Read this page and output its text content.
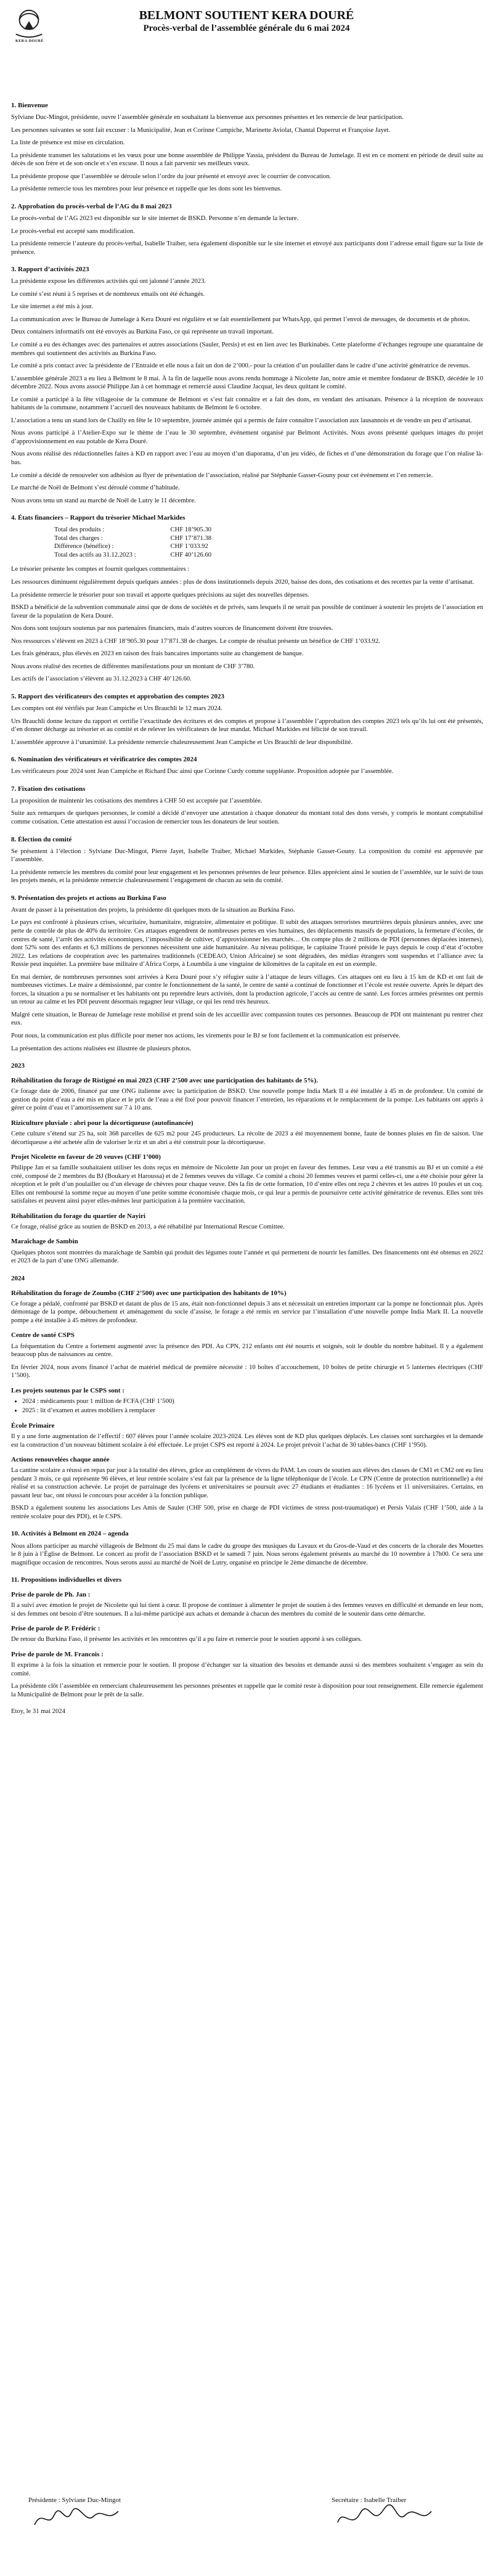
KERA-DOURÉ
BELMONT SOUTIENT KERA DOURÉ
Procès-verbal de l’assemblée générale du 6 mai 2024
1. Bienvenue

Sylviane Duc-Mingot, présidente, ouvre l’assemblée générale en souhaitant la bienvenue aux personnes présentes et les remercie de leur participation.

Les personnes suivantes se sont fait excuser : la Municipalité, Jean et Corinne Campiche, Marinette Aviolat, Chantal Duperrut et Françoise Jayet.

La liste de présence est mise en circulation.

La présidente transmet les salutations et les vœux pour une bonne assemblée de Philippe Yassia, président du Bureau de Jumelage. Il est en ce moment en période de deuil suite au décès de son frère et de son oncle et s’en excuse. Il nous a fait parvenir ses meilleurs vœux.

La présidente propose que l’assemblée se déroule selon l’ordre du jour présenté et envoyé avec le courrier de convocation.

La présidente remercie tous les membres pour leur présence et rappelle que les dons sont les bienvenus.

2. Approbation du procès-verbal de l’AG du 8 mai 2023

Le procès-verbal de l’AG 2023 est disponible sur le site internet de BSKD. Personne n’en demande la lecture.

Le procès-verbal est accepté sans modification.

La présidente remercie l’auteure du procès-verbal, Isabelle Traiber, sera également disponible sur le site internet et envoyé aux participants dont l’adresse email figure sur la liste de présence.

3. Rapport d’activités 2023

La présidente expose les différentes activités qui ont jalonné l’année 2023.

Le comité s’est réuni à 5 reprises et de nombreux emails ont été échangés.

Le site internet a été mis à jour.

La communication avec le Bureau de Jumelage à Kera Douré est régulière et se fait essentiellement par WhatsApp, qui permet l’envoi de messages, de documents et de photos.

Deux containers informatifs ont été envoyés au Burkina Faso, ce qui représente un travail important.

Le comité a eu des échanges avec des partenaires et autres associations (Sauler, Persis) et est en lien avec les Burkinabés. Cette plateforme d’échanges regroupe une quarantaine de membres qui soutiennent des activités au Burkina Faso.

Le comité a pris contact avec la présidente de l’Entraide et elle nous a fait un don de 2’000.- pour la création d’un poulailler dans le cadre d’une activité génératrice de revenus.

L’assemblée générale 2023 a eu lieu à Belmont le 8 mai. À la fin de laquelle nous avons rendu hommage à Nicolette Jan, notre amie et membre fondateur de BSKD, décédée le 10 décembre 2022. Nous avons associé Philippe Jan à cet hommage et remercié aussi Claudine Jacquat, les deux quittant le comité.

Le comité a participé à la fête villageoise de la commune de Belmont et s’est fait connaître et a fait des dons, en vendant des artisanats. Présence à la réception de nouveaux habitants de la commune, notamment l’accueil des nouveaux habitants de Belmont le 6 octobre.

L’association a tenu un stand lors de Chailly en fête le 10 septembre, journée animée qui a permis de faire connaître l’association aux lausannois et de vendre un peu d’artisanat.

Nous avons participé à l’Atelier-Expo sur le thème de l’eau le 30 septembre, événement organisé par Belmont Activités. Nous avons présenté quelques images du projet d’approvisionnement en eau potable de Kera Douré.

Nous avons réalisé des rédactionnelles faites à KD en rapport avec l’eau au moyen d’un diaporama, d’un jeu vidéo, de fiches et d’une démonstration du forage que l’on réalise là-bas.

Le comité a décidé de renouveler son adhésion au flyer de présentation de l’association, réalisé par Stéphanie Gasser-Gouny pour cet événement et l’en remercie.

Le marché de Noël de Belmont s’est déroulé comme d’habitude.

Nous avons tenu un stand au marché de Noël de Lutry le 11 décembre.

4. États financiers – Rapport du trésorier Michael Markides
Total des produits :	CHF 18’905.30
Total des charges :	CHF 17’871.38
Différence (bénéfice) :	CHF 1’033.92
Total des actifs au 31.12.2023 :	CHF 40’126.60

Le trésorier présente les comptes et fournit quelques commentaires :

Les ressources diminuent régulièrement depuis quelques années : plus de dons institutionnels depuis 2020, baisse des dons, des cotisations et des recettes par la vente d’artisanat.

La présidente remercie le trésorier pour son travail et apporte quelques précisions au sujet des nouvelles dépenses.

BSKD a bénéficié de la subvention communale ainsi que de dons de sociétés et de privés, sans lesquels il ne serait pas possible de continuer à soutenir les projets de l’association en faveur de la population de Kera Douré.

Nos dons sont toujours soutenus par nos partenaires financiers, mais d’autres sources de financement doivent être trouvées.

Nos ressources s’élèvent en 2023 à CHF 18’905.30 pour 17’871.38 de charges. Le compte de résultat présente un bénéfice de CHF 1’033.92.

Les frais généraux, plus élevés en 2023 en raison des frais bancaires importants suite au changement de banque.

Nous avons réalisé des recettes de différentes manifestations pour un montant de CHF 3’780.

Les actifs de l’association s’élèvent au 31.12.2023 à CHF 40’126.60.

5. Rapport des vérificateurs des comptes et approbation des comptes 2023

Les comptes ont été vérifiés par Jean Campiche et Urs Brauchli le 12 mars 2024.

Urs Brauchli donne lecture du rapport et certifie l’exactitude des écritures et des comptes et propose à l’assemblée l’approbation des comptes 2023 tels qu’ils lui ont été présentés, d’en donner décharge au trésorier et au comité et de relever les vérificateurs de leur mandat. Michael Markides est félicité de son travail.

L’assemblée approuve à l’unanimité. La présidente remercie chaleureusement Jean Campiche et Urs Brauchli de leur disponibilité.

6. Nomination des vérificateurs et vérificatrice des comptes 2024

Les vérificateurs pour 2024 sont Jean Campiche et Richard Duc ainsi que Corinne Curdy comme suppléante. Proposition adoptée par l’assemblée.

7. Fixation des cotisations

La proposition de maintenir les cotisations des membres à CHF 50 est acceptée par l’assemblée.

Suite aux remarques de quelques personnes, le comité a décidé d’envoyer une attestation à chaque donateur du montant total des dons versés, y compris le montant comptabilisé comme cotisation. Cette attestation est aussi l’occasion de remercier tous les donateurs de leur soutien.

8. Élection du comité

Se présentent à l’élection : Sylviane Duc-Mingot, Pierre Jayet, Isabelle Traiber, Michael Markides, Stéphanie Gasser-Gouny. La composition du comité est approuvée par l’assemblée.

La présidente remercie les membres du comité pour leur engagement et les personnes présentes de leur présence. Elles apprécient ainsi le soutien de l’assemblée, sur le suivi de tous les projets menés, et la présidente remercie chaleureusement l’engagement de chacun au sein du comité.

9. Présentation des projets et actions au Burkina Faso

Avant de passer à la présentation des projets, la présidente dit quelques mots de la situation au Burkina Faso.

Le pays est confronté à plusieurs crises, sécuritaire, humanitaire, migratoire, alimentaire et politique. Il subit des attaques terroristes meurtrières depuis plusieurs années, avec une perte de contrôle de plus de 40% du territoire. Ces attaques engendrent de nombreuses pertes en vies humaines, des déplacements massifs de populations, la fermeture d’écoles, de centres de santé, l’arrêt des activités économiques, l’impossibilité de cultiver, d’approvisionner les marchés… On compte plus de 2 millions de PDI (personnes déplacées internes), dont 52% sont des enfants et 6,3 millions de personnes nécessitent une aide humanitaire. Au niveau politique, le capitaine Traoré préside le pays depuis le coup d’état d’octobre 2022. Les relations de coopération avec les partenaires traditionnels (CEDEAO, Union Africaine) se sont dégradées, des médias étrangers sont suspendus et l’alliance avec la Russie peut inquiéter. La première base militaire d’Africa Corps, à Loumbila à une vingtaine de kilomètres de la capitale en est un exemple.

En mai dernier, de nombreuses personnes sont arrivées à Kera Douré pour s’y réfugier suite à l’attaque de leurs villages. Ces attaques ont eu lieu à 15 km de KD et ont fait de nombreuses victimes. Le maire a démissionné, par contre le fonctionnement de la santé, le centre de santé a continué de fonctionner et l’école est restée ouverte. Après le départ des forces, la situation a pu se normaliser et les habitants ont pu reprendre leurs activités, dont la production agricole, l’accès au centre de santé. Les forces armées présentes ont permis un retour au calme et les PDI peuvent désormais regagner leur village, ce qui les rend très heureux.

Malgré cette situation, le Bureau de Jumelage reste mobilisé et prend soin de les accueillir avec compassion toutes ces personnes. Beaucoup de PDI ont maintenant pu rentrer chez eux.

Pour nous, la communication est plus difficile pour mener nos actions, les virements pour le BJ se font facilement et la communication est préservée.

La présentation des actions réalisées est illustrée de plusieurs photos.

2023
Réhabilitation du forage de Ristigné en mai 2023 (CHF 2’500 avec une participation des habitants de 5%).

Ce forage date de 2006, financé par une ONG italienne avec la participation de BSKD. Une nouvelle pompe India Mark II a été installée à 45 m de profondeur. Un comité de gestion du point d’eau a été mis en place et le prix de l’eau a été fixé pour pouvoir financer l’entretien, les réparations et le remplacement de la pompe. Les habitants ont appris à gérer ce point d’eau et l’amortissement sur 7 à 10 ans.

Riziculture pluviale : abri pour la décortiqueuse (autofinancée)

Cette culture s’étend sur 25 ha, soit 368 parcelles de 625 m2 pour 245 producteurs. La récolte de 2023 a été moyennement bonne, faute de bonnes pluies en fin de saison. Une décortiqueuse a été achetée afin de valoriser le riz et un abri a été construit pour la décortiqueuse.

Projet Nicolette en faveur de 20 veuves (CHF 1’000)

Philippe Jan et sa famille souhaitaient utiliser les dons reçus en mémoire de Nicolette Jan pour un projet en faveur des femmes. Leur vœu a été transmis au BJ et un comité a été créé, composé de 2 membres du BJ (Boukary et Haroussa) et de 2 femmes veuves du village. Ce comité a choisi 20 femmes veuves et parmi celles-ci, une a été choisie pour gérer la réception et le prêt d’un poulailler ou d’un élevage de chèvres pour chaque veuve. Dès la fin de cette formation, 10 d’entre elles ont reçu 2 chèvres et les autres 10 poules et un coq. Elles ont remboursé la somme reçue au moyen d’une petite somme économisée chaque mois, ce qui leur a permis de poursuivre cette activité génératrice de revenus. Elles sont très satisfaites et peuvent ainsi payer elles-mêmes leur participation à la première vaccination.

Réhabilitation du forage du quartier de Nayiri

Ce forage, réalisé grâce au soutien de BSKD en 2013, a été réhabilité par International Rescue Comittee.

Maraîchage de Sambin

Quelques photos sont montrées du maraîchage de Sambin qui produit des légumes toute l’année et qui permettent de nourrir les familles. Des financements ont été obtenus en 2022 et 2023 de la part d’une ONG allemande.

2024
Réhabilitation du forage de Zoumbo (CHF 2’500) avec une participation des habitants de 10%)

Ce forage a pédalé, confronté par BSKD et datant de plus de 15 ans, était non-fonctionnel depuis 3 ans et nécessitait un entretien important car la pompe ne fonctionnait plus. Après démontage de la pompe, débouchement et aménagement du socle d’assise, le forage a été remis en service par l’installation d’une nouvelle pompe India Mark II. La nouvelle pompe a été installée à 45 mètres de profondeur.

Centre de santé CSPS

La fréquentation du Centre a fortement augmenté avec la présence des PDI. Au CPN, 212 enfants ont été nourris et soignés, soit le double du nombre habituel. Il y a également beaucoup plus de naissances au centre.

En février 2024, nous avons financé l’achat de matériel médical de première nécessité : 10 boîtes d’accouchement, 10 boîtes de petite chirurgie et 5 lanternes électriques (CHF 1’500).

Les projets soutenus par le CSPS sont :
• 2024 : médicaments pour 1 million de FCFA (CHF 1’500)
• 2025 : lit d’examen et autres mobiliers à remplacer
École Primaire

Il y a une forte augmentation de l’effectif : 607 élèves pour l’année scolaire 2023-2024. Les élèves sont de KD plus quelques déplacés. Les classes sont surchargées et la demande est la construction d’un nouveau bâtiment scolaire à été effectuée. Le projet CSPS est reporté à 2024. Le projet prévoit l’achat de 30 tables-bancs (CHF 1’950).

Actions renouvelées chaque année

La cantine scolaire a réussi en repas par jour à la totalité des élèves, grâce au complément de vivres du PAM. Les cours de soutien aux élèves des classes de CM1 et CM2 ont eu lieu pendant 3 mois, ce qui représente 96 élèves, et leur rentrée scolaire s’est fait par la présence de la ligne téléphonique de l’école. Le CPN (Centre de protection nutritionnelle) a été réalisé et sa construction achevée. Le projet de parrainage des lycéens et universitaires se poursuit avec 27 étudiants et étudiantes : 16 lycéens et 11 universitaires. Certains, en passant leur bac, ont réussi le concours pour accéder à la fonction publique.

BSKD a également soutenu les associations Les Amis de Sauler (CHF 500, prise en charge de PDI victimes de stress post-traumatique) et Persis Valais (CHF 1’500, aide à la rentrée scolaire pour des PDI), et le CSPS.

10. Activités à Belmont en 2024 – agenda

Nous allons participer au marché villageois de Belmont du 25 mai dans le cadre du groupe des musiques du Lavaux et du Gros-de-Vaud et des concerts de la chorale des Mouettes le 8 juin à l’Église de Belmont. Le concert au profit de l’association BSKD et le samedi 7 juin. Nous serons également présents au marché du 10 novembre à 17h00. Ce sera une magnifique occasion de rencontres. Nous serons aussi au marché de Noël de Lutry, organisé en principe le 2ème dimanche de décembre.

11. Propositions individuelles et divers
Prise de parole de Ph. Jan :

Il a suivi avec émotion le projet de Nicolette qui lui tient à cœur. Il propose de continuer à alimenter le projet de soutien à des femmes veuves en difficulté et demande en leur nom, si des femmes ont besoin d’être soutenues. Il a lui-même participé aux achats et demande à chacun des membres du comité de le soutenir dans cette démarche.

Prise de parole de P. Frédéric :

De retour du Burkina Faso, il présente les activités et les rencontres qu’il a pu faire et remercie pour le soutien apporté à ses collègues.

Prise de parole de M. Francois :

Il exprime à la fois la situation et remercie pour le soutien. Il propose d’échanger sur la situation des besoins et demande aussi si des membres souhaitent s’engager au sein du comité.

La présidente clôt l’assemblée en remerciant chaleureusement les personnes présentes et rappelle que le comité reste à disposition pour tout renseignement. Elle remercie également la Municipalité de Belmont pour le prêt de la salle.

Etoy, le 31 mai 2024

Présidente : Sylviane Duc-Mingot	Secrétaire : Isabelle Traiber
